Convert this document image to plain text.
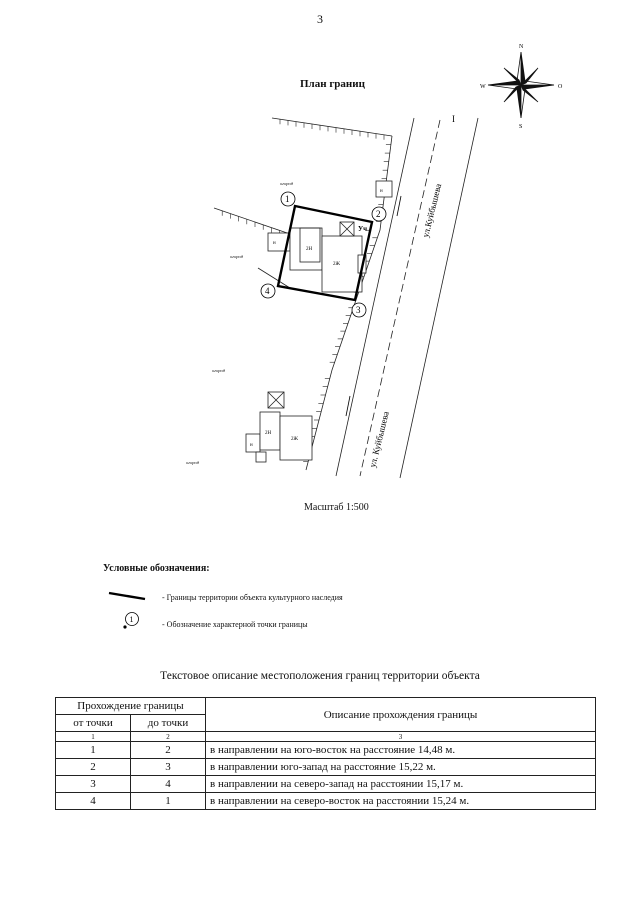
3
N
W	O
S
I
н
н
2Н
2Ж
Уч.
1
2
3
4
ул.Куйбышева
ул. Куйбышева
н
2Н
2Ж
огород
огород
огород
огород
План границ
Масштаб 1:500
Условные обозначения:
- Границы территории объекта культурного наследия
1
- Обозначение характерной точки границы
Текстовое описание местоположения границ территории объекта
Прохождение границы		Описание прохождения границы
от точки	до точки	
1	2	3
1	2	в направлении на юго-восток на расстояние 14,48 м.
2	3	в направлении юго-запад на расстояние 15,22 м.
3	4	в направлении на северо-запад на расстоянии 15,17 м.
4	1	в направлении на северо-восток на расстоянии 15,24 м.
